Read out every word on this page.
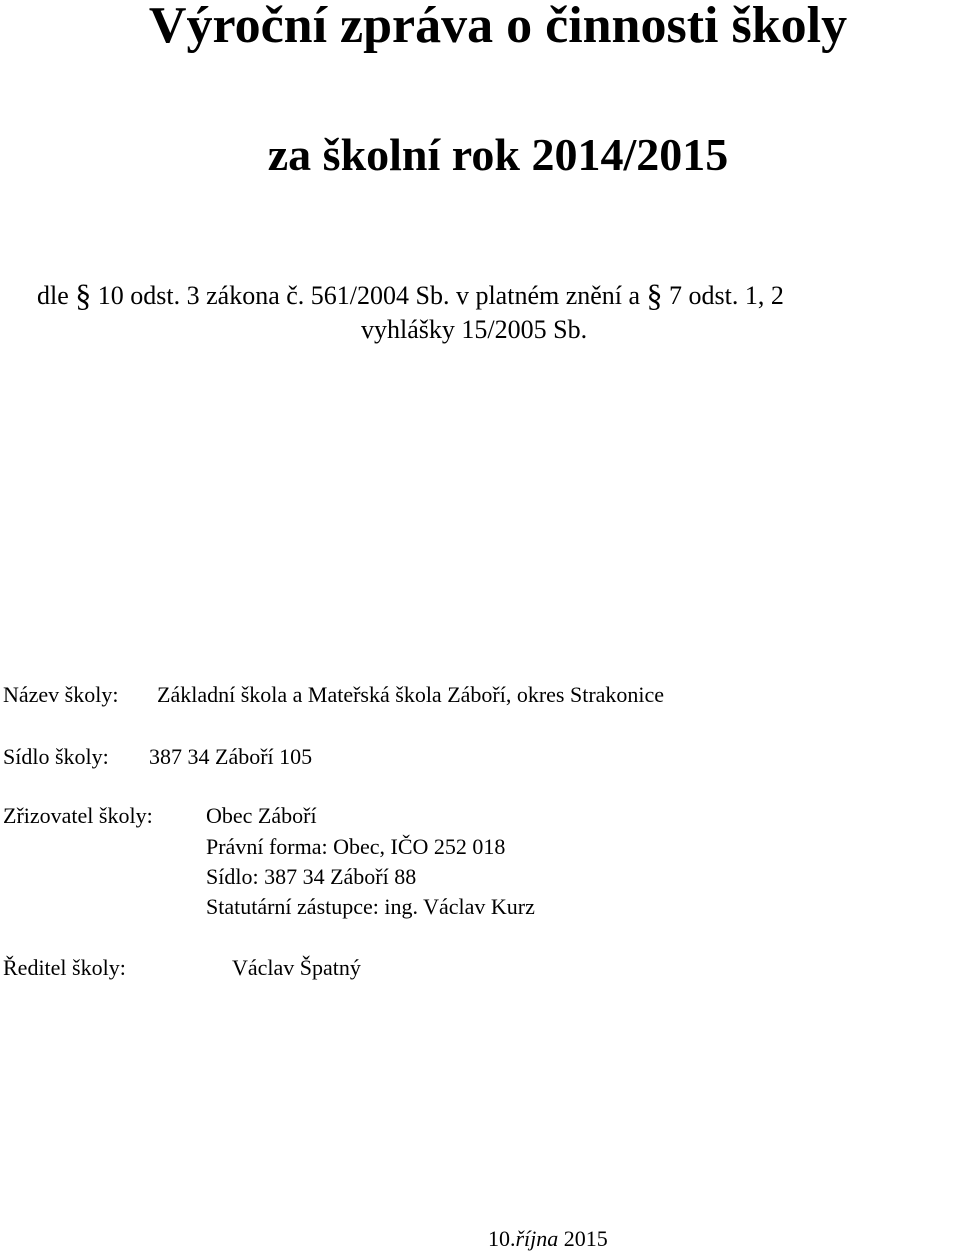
Výroční zpráva o činnosti školy
za školní rok 2014/2015

dle § 10 odst. 3 zákona č. 561/2004 Sb. v platném znění a § 7 odst. 1, 2

vyhlášky 15/2005 Sb.

Název školy: Základní škola a Mateřská škola Záboří, okres Strakonice
Sídlo školy: 387 34 Záboří 105
Zřizovatel školy: Obec Záboří
Právní forma: Obec, IČO 252 018
Sídlo: 387 34 Záboří 88
Statutární zástupce: ing. Václav Kurz
Ředitel školy:	Václav Špatný
10.října 2015
